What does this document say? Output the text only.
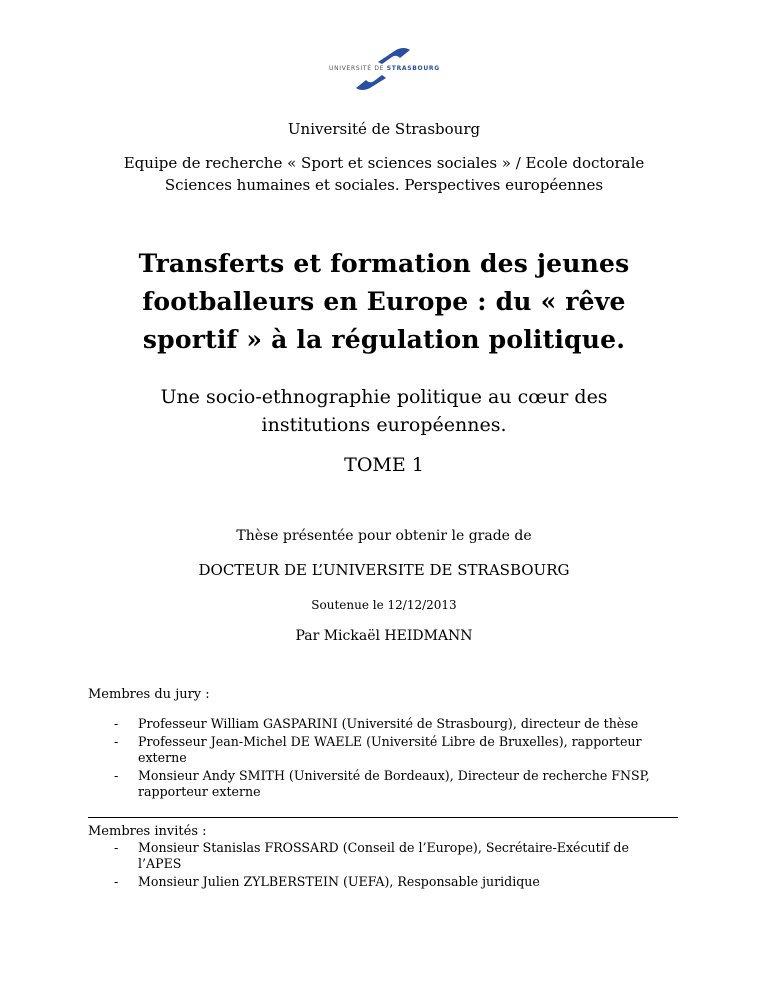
UNIVERSITÉ DE STRASBOURG
Université de Strasbourg
Equipe de recherche « Sport et sciences sociales » / Ecole doctorale
Sciences humaines et sociales. Perspectives européennes
Transferts et formation des jeunes
footballeurs en Europe : du « rêve
sportif » à la régulation politique.
Une socio-ethnographie politique au cœur des
institutions européennes.
TOME 1
Thèse présentée pour obtenir le grade de
DOCTEUR DE L’UNIVERSITE DE STRASBOURG
Soutenue le 12/12/2013
Par Mickaël HEIDMANN
Membres du jury :
- Professeur William GASPARINI (Université de Strasbourg), directeur de thèse
- Professeur Jean-Michel DE WAELE (Université Libre de Bruxelles), rapporteur
externe
- Monsieur Andy SMITH (Université de Bordeaux), Directeur de recherche FNSP,
rapporteur externe
Membres invités :
- Monsieur Stanislas FROSSARD (Conseil de l’Europe), Secrétaire-Exécutif de
l’APES
- Monsieur Julien ZYLBERSTEIN (UEFA), Responsable juridique
